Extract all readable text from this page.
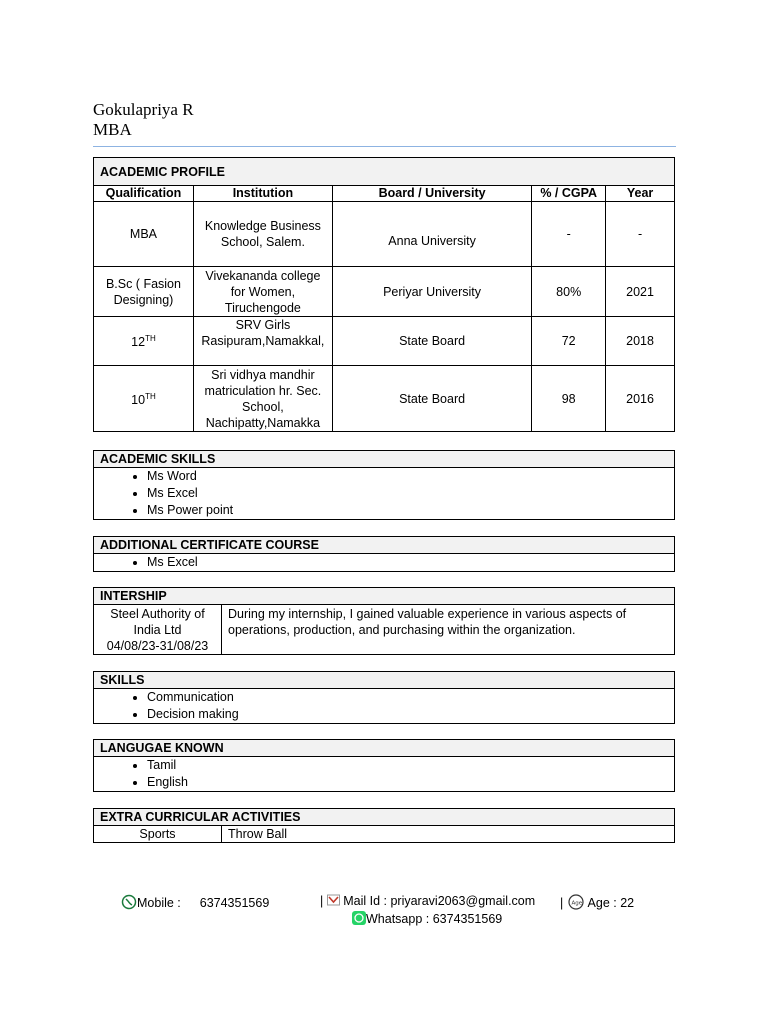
Gokulapriya R
MBA
ACADEMIC PROFILE				
Qualification	Institution	Board / University	% / CGPA	Year
MBA	Knowledge Business School, Salem.	Anna University	-	-
B.Sc ( Fasion Designing)	Vivekananda college for Women, Tiruchengode	Periyar University	80%	2021
12TH	SRV Girls Rasipuram,Namakkal,	State Board	72	2018
10TH	Sri vidhya mandhir matriculation hr. Sec. School, Nachipatty,Namakka	State Board	98	2016
ACADEMIC SKILLS
• Ms Word
• Ms Excel
• Ms Power point
ADDITIONAL CERTIFICATE COURSE
• Ms Excel
INTERSHIP

Steel Authority of India Ltd
04/08/23-31/08/23
	During my internship, I gained valuable experience in various aspects of operations, production, and purchasing within the organization.
SKILLS
• Communication
• Decision making
LANGUGAE KNOWN
• Tamil
• English
EXTRA CURRICULAR ACTIVITIES
Sports	Throw Ball
Mobile : 6374351569	| Mail Id : priyaravi2063@gmail.com | Age Age : 22
Whatsapp : 6374351569
